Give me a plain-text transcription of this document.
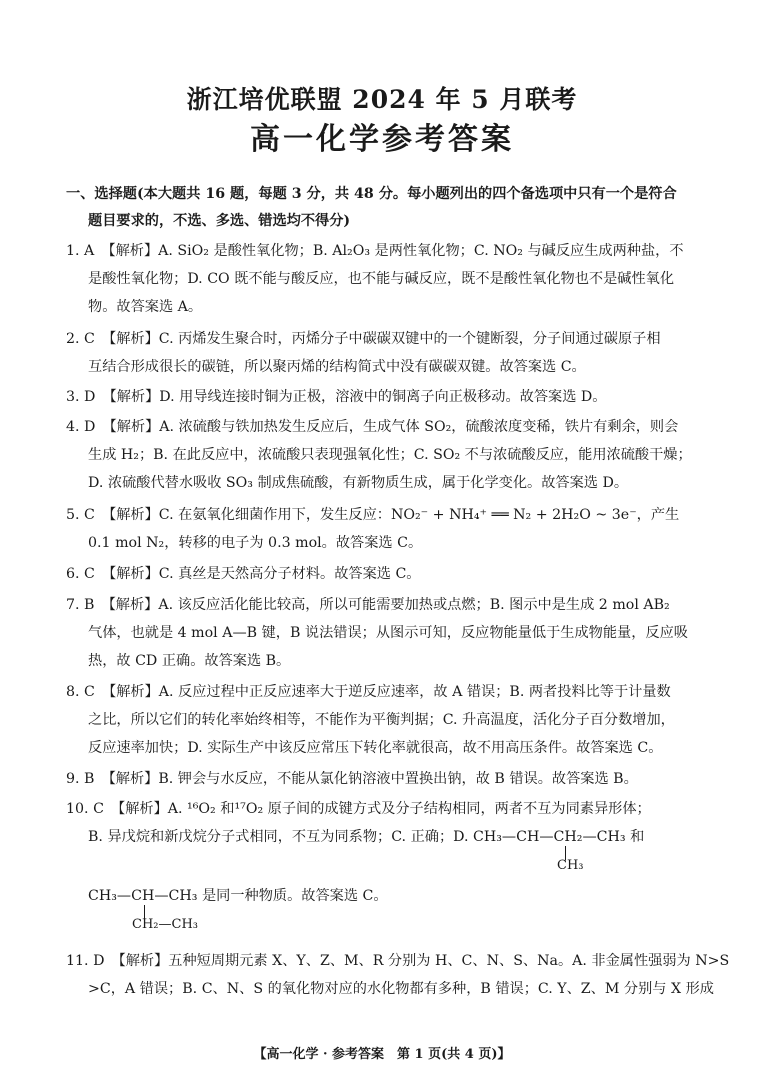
浙江培优联盟 2024 年 5 月联考
高一化学参考答案
一、选择题(本大题共 16 题，每题 3 分，共 48 分。每小题列出的四个备选项中只有一个是符合
题目要求的，不选、多选、错选均不得分)
1. A　 【解析】A. SiO₂ 是酸性氧化物；B. Al₂O₃ 是两性氧化物；C. NO₂ 与碱反应生成两种盐，不
是酸性氧化物；D. CO 既不能与酸反应，也不能与碱反应，既不是酸性氧化物也不是碱性氧化
物。故答案选 A。
2. C　 【解析】C. 丙烯发生聚合时，丙烯分子中碳碳双键中的一个键断裂，分子间通过碳原子相
互结合形成很长的碳链，所以聚丙烯的结构简式中没有碳碳双键。故答案选 C。
3. D　 【解析】D. 用导线连接时铜为正极，溶液中的铜离子向正极移动。故答案选 D。
4. D　 【解析】A. 浓硫酸与铁加热发生反应后，生成气体 SO₂，硫酸浓度变稀，铁片有剩余，则会
生成 H₂；B. 在此反应中，浓硫酸只表现强氧化性；C. SO₂ 不与浓硫酸反应，能用浓硫酸干燥；
D. 浓硫酸代替水吸收 SO₃ 制成焦硫酸，有新物质生成，属于化学变化。故答案选 D。
5. C　 【解析】C. 在氨氧化细菌作用下，发生反应：NO₂⁻ + NH₄⁺ ══ N₂ + 2H₂O ~ 3e⁻，产生
0.1 mol N₂，转移的电子为 0.3 mol。故答案选 C。
6. C　 【解析】C. 真丝是天然高分子材料。故答案选 C。
7. B　 【解析】A. 该反应活化能比较高，所以可能需要加热或点燃；B. 图示中是生成 2 mol AB₂
气体，也就是 4 mol A—B 键，B 说法错误；从图示可知，反应物能量低于生成物能量，反应吸
热，故 CD 正确。故答案选 B。
8. C　 【解析】A. 反应过程中正反应速率大于逆反应速率，故 A 错误；B. 两者投料比等于计量数
之比，所以它们的转化率始终相等，不能作为平衡判据；C. 升高温度，活化分子百分数增加，
反应速率加快；D. 实际生产中该反应常压下转化率就很高，故不用高压条件。故答案选 C。
9. B　 【解析】B. 钾会与水反应，不能从氯化钠溶液中置换出钠，故 B 错误。故答案选 B。
10. C　 【解析】A. ¹⁶O₂ 和¹⁷O₂ 原子间的成键方式及分子结构相同，两者不互为同素异形体；
B. 异戊烷和新戊烷分子式相同，不互为同系物；C. 正确；D. CH₃—CH—CH₂—CH₃ 和
CH₃
CH₃—CH—CH₃ 是同一种物质。故答案选 C。
CH₂—CH₃
11. D　 【解析】五种短周期元素 X、Y、Z、M、R 分别为 H、C、N、S、Na。A. 非金属性强弱为 N>S
>C，A 错误；B. C、N、S 的氧化物对应的水化物都有多种，B 错误；C. Y、Z、M 分别与 X 形成
【高一化学 · 参考答案　第 1 页(共 4 页)】
